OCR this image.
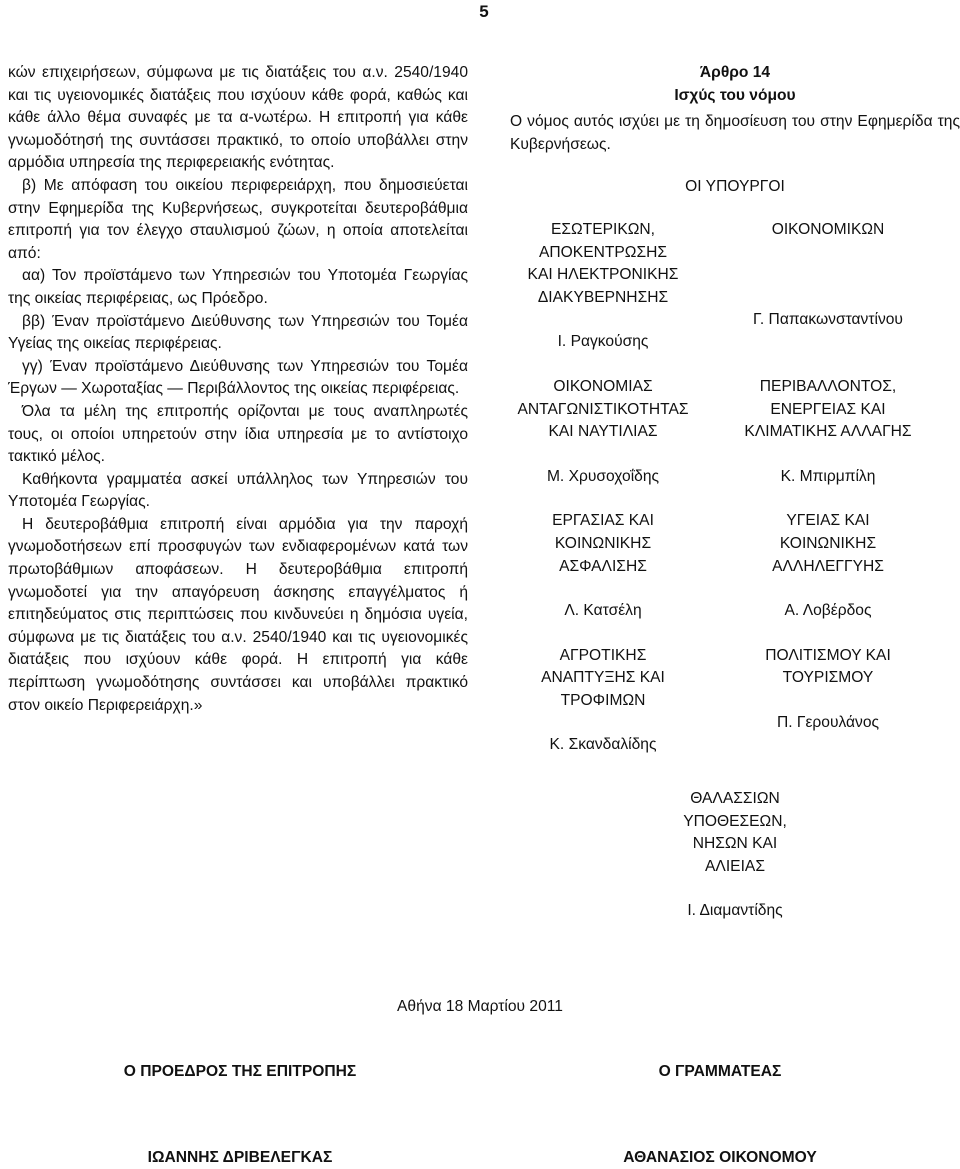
5

κών επιχειρήσεων, σύμφωνα με τις διατάξεις του α.ν. 2540/1940 και τις υγειονομικές διατάξεις που ισχύουν κάθε φορά, καθώς και κάθε άλλο θέμα συναφές με τα α-νωτέρω. Η επιτροπή για κάθε γνωμοδότησή της συντάσσει πρακτικό, το οποίο υποβάλλει στην αρμόδια υπηρεσία της περιφερειακής ενότητας.

β) Με απόφαση του οικείου περιφερειάρχη, που δημοσιεύεται στην Εφημερίδα της Κυβερνήσεως, συγκροτείται δευτεροβάθμια επιτροπή για τον έλεγχο σταυλισμού ζώων, η οποία αποτελείται από:

αα) Τον προϊστάμενο των Υπηρεσιών του Υποτομέα Γεωργίας της οικείας περιφέρειας, ως Πρόεδρο.

ββ) Έναν προϊστάμενο Διεύθυνσης των Υπηρεσιών του Τομέα Υγείας της οικείας περιφέρειας.

γγ) Έναν προϊστάμενο Διεύθυνσης των Υπηρεσιών του Τομέα Έργων — Χωροταξίας — Περιβάλλοντος της οικείας περιφέρειας.

Όλα τα μέλη της επιτροπής ορίζονται με τους αναπληρωτές τους, οι οποίοι υπηρετούν στην ίδια υπηρεσία με το αντίστοιχο τακτικό μέλος.

Καθήκοντα γραμματέα ασκεί υπάλληλος των Υπηρεσιών του Υποτομέα Γεωργίας.

Η δευτεροβάθμια επιτροπή είναι αρμόδια για την παροχή γνωμοδοτήσεων επί προσφυγών των ενδιαφερομένων κατά των πρωτοβάθμιων αποφάσεων. Η δευτεροβάθμια επιτροπή γνωμοδοτεί για την απαγόρευση άσκησης επαγγέλματος ή επιτηδεύματος στις περιπτώσεις που κινδυνεύει η δημόσια υγεία, σύμφωνα με τις διατάξεις του α.ν. 2540/1940 και τις υγειονομικές διατάξεις που ισχύουν κάθε φορά. Η επιτροπή για κάθε περίπτωση γνωμοδότησης συντάσσει και υποβάλλει πρακτικό στον οικείο Περιφερειάρχη.»

Άρθρο 14
Ισχύς του νόμου

Ο νόμος αυτός ισχύει με τη δημοσίευση του στην Εφημερίδα της Κυβερνήσεως.

ΟΙ ΥΠΟΥΡΓΟΙ
ΕΣΩΤΕΡΙΚΩΝ,
ΑΠΟΚΕΝΤΡΩΣΗΣ
ΚΑΙ ΗΛΕΚΤΡΟΝΙΚΗΣ
ΔΙΑΚΥΒΕΡΝΗΣΗΣ
Ι. Ραγκούσης
ΟΙΚΟΝΟΜΙΚΩΝ

Γ. Παπακωνσταντίνου
ΟΙΚΟΝΟΜΙΑΣ
ΑΝΤΑΓΩΝΙΣΤΙΚΟΤΗΤΑΣ
ΚΑΙ ΝΑΥΤΙΛΙΑΣ
Μ. Χρυσοχοΐδης
ΠΕΡΙΒΑΛΛΟΝΤΟΣ,
ΕΝΕΡΓΕΙΑΣ ΚΑΙ
ΚΛΙΜΑΤΙΚΗΣ ΑΛΛΑΓΗΣ
Κ. Μπιρμπίλη
ΕΡΓΑΣΙΑΣ ΚΑΙ
ΚΟΙΝΩΝΙΚΗΣ
ΑΣΦΑΛΙΣΗΣ
Λ. Κατσέλη
ΥΓΕΙΑΣ ΚΑΙ
ΚΟΙΝΩΝΙΚΗΣ
ΑΛΛΗΛΕΓΓΥΗΣ
Α. Λοβέρδος
ΑΓΡΟΤΙΚΗΣ
ΑΝΑΠΤΥΞΗΣ ΚΑΙ
ΤΡΟΦΙΜΩΝ
Κ. Σκανδαλίδης
ΠΟΛΙΤΙΣΜΟΥ ΚΑΙ
ΤΟΥΡΙΣΜΟΥ

Π. Γερουλάνος
ΘΑΛΑΣΣΙΩΝ
ΥΠΟΘΕΣΕΩΝ,
ΝΗΣΩΝ ΚΑΙ
ΑΛΙΕΙΑΣ
Ι. Διαμαντίδης
Αθήνα 18 Μαρτίου 2011
Ο ΠΡΟΕΔΡΟΣ ΤΗΣ ΕΠΙΤΡΟΠΗΣ	Ο ΓΡΑΜΜΑΤΕΑΣ
ΙΩΑΝΝΗΣ ΔΡΙΒΕΛΕΓΚΑΣ	ΑΘΑΝΑΣΙΟΣ ΟΙΚΟΝΟΜΟΥ
